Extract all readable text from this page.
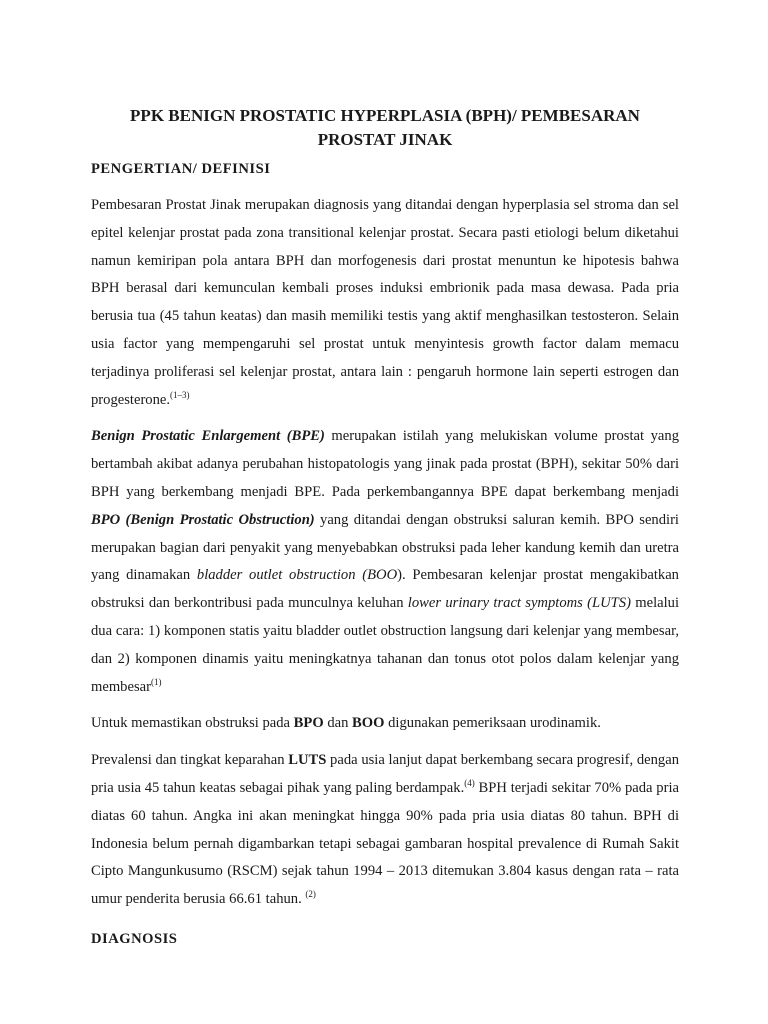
PPK BENIGN PROSTATIC HYPERPLASIA (BPH)/ PEMBESARAN PROSTAT JINAK
PENGERTIAN/ DEFINISI

Pembesaran Prostat Jinak merupakan diagnosis yang ditandai dengan hyperplasia sel stroma dan sel epitel kelenjar prostat pada zona transitional kelenjar prostat. Secara pasti etiologi belum diketahui namun kemiripan pola antara BPH dan morfogenesis dari prostat menuntun ke hipotesis bahwa BPH berasal dari kemunculan kembali proses induksi embrionik pada masa dewasa. Pada pria berusia tua (45 tahun keatas) dan masih memiliki testis yang aktif menghasilkan testosteron. Selain usia factor yang mempengaruhi sel prostat untuk menyintesis growth factor dalam memacu terjadinya proliferasi sel kelenjar prostat, antara lain : pengaruh hormone lain seperti estrogen dan progesterone.$^{(1-3)}$

Benign Prostatic Enlargement (BPE) merupakan istilah yang melukiskan volume prostat yang bertambah akibat adanya perubahan histopatologis yang jinak pada prostat (BPH), sekitar 50% dari BPH yang berkembang menjadi BPE. Pada perkembangannya BPE dapat berkembang menjadi BPO (Benign Prostatic Obstruction) yang ditandai dengan obstruksi saluran kemih. BPO sendiri merupakan bagian dari penyakit yang menyebabkan obstruksi pada leher kandung kemih dan uretra yang dinamakan bladder outlet obstruction (BOO). Pembesaran kelenjar prostat mengakibatkan obstruksi dan berkontribusi pada munculnya keluhan lower urinary tract symptoms (LUTS) melalui dua cara: 1) komponen statis yaitu bladder outlet obstruction langsung dari kelenjar yang membesar, dan 2) komponen dinamis yaitu meningkatnya tahanan dan tonus otot polos dalam kelenjar yang membesar$^{(1)}$

Untuk memastikan obstruksi pada BPO dan BOO digunakan pemeriksaan urodinamik.

Prevalensi dan tingkat keparahan LUTS pada usia lanjut dapat berkembang secara progresif, dengan pria usia 45 tahun keatas sebagai pihak yang paling berdampak.$^{(4)}$ BPH terjadi sekitar 70% pada pria diatas 60 tahun. Angka ini akan meningkat hingga 90% pada pria usia diatas 80 tahun. BPH di Indonesia belum pernah digambarkan tetapi sebagai gambaran hospital prevalence di Rumah Sakit Cipto Mangunkusumo (RSCM) sejak tahun 1994 – 2013 ditemukan 3.804 kasus dengan rata – rata umur penderita berusia 66.61 tahun. $^{(2)}$

DIAGNOSIS
